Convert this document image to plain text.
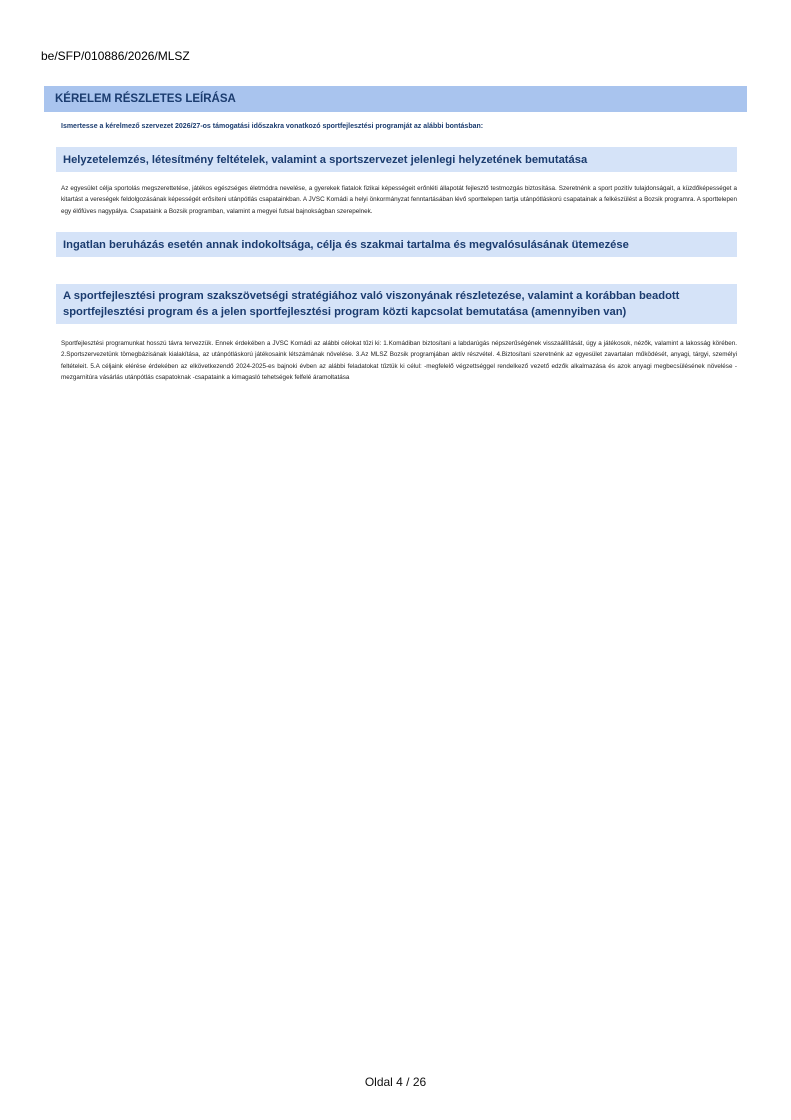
be/SFP/010886/2026/MLSZ
KÉRELEM RÉSZLETES LEÍRÁSA
Ismertesse a kérelmező szervezet 2026/27-os támogatási időszakra vonatkozó sportfejlesztési programját az alábbi bontásban:
Helyzetelemzés, létesítmény feltételek, valamint a sportszervezet jelenlegi helyzetének bemutatása
Az egyesület célja sportolás megszerettetése, játékos egészséges életmódra nevelése, a gyerekek fiatalok fizikai képességeit erőnléti állapotát fejlesztő testmozgás biztosítása. Szeretnénk a sport pozitív tulajdonságait, a küzdőképességet a kitartást a vereségek feldolgozásának képességét erősíteni utánpótlás csapatainkban. A JVSC Komádi a helyi önkormányzat fenntartásában lévő sporttelepen tartja utánpótláskorú csapatainak a felkészülést a Bozsik programra. A sporttelepen egy élőfüves nagypálya. Csapataink a Bozsik programban, valamint a megyei futsal bajnokságban szerepelnek.
Ingatlan beruházás esetén annak indokoltsága, célja és szakmai tartalma és megvalósulásának ütemezése
A sportfejlesztési program szakszövetségi stratégiához való viszonyának részletezése, valamint a korábban beadott sportfejlesztési program és a jelen sportfejlesztési program közti kapcsolat bemutatása (amennyiben van)
Sportfejlesztési programunkat hosszú távra tervezzük. Ennek érdekében a JVSC Komádi az alábbi célokat tűzi ki: 1.Komádiban biztosítani a labdarúgás népszerűségének visszaállítását, úgy a játékosok, nézők, valamint a lakosság körében. 2.Sportszervezetünk tömegbázisának kialakítása, az utánpótláskorú játékosaink létszámának növelése. 3.Az MLSZ Bozsik programjában aktív részvétel. 4.Biztosítani szeretnénk az egyesület zavartalan működését, anyagi, tárgyi, személyi feltételeit. 5.A céljaink elérése érdekében az elkövetkezendő 2024-2025-es bajnoki évben az alábbi feladatokat tűztük ki célul: -megfelelő végzettséggel rendelkező vezető edzők alkalmazása és azok anyagi megbecsülésének növelése -mezgarnitúra vásárlás utánpótlás csapatoknak -csapataink a kimagasló tehetségek felfelé áramoltatása
Oldal 4 / 26
